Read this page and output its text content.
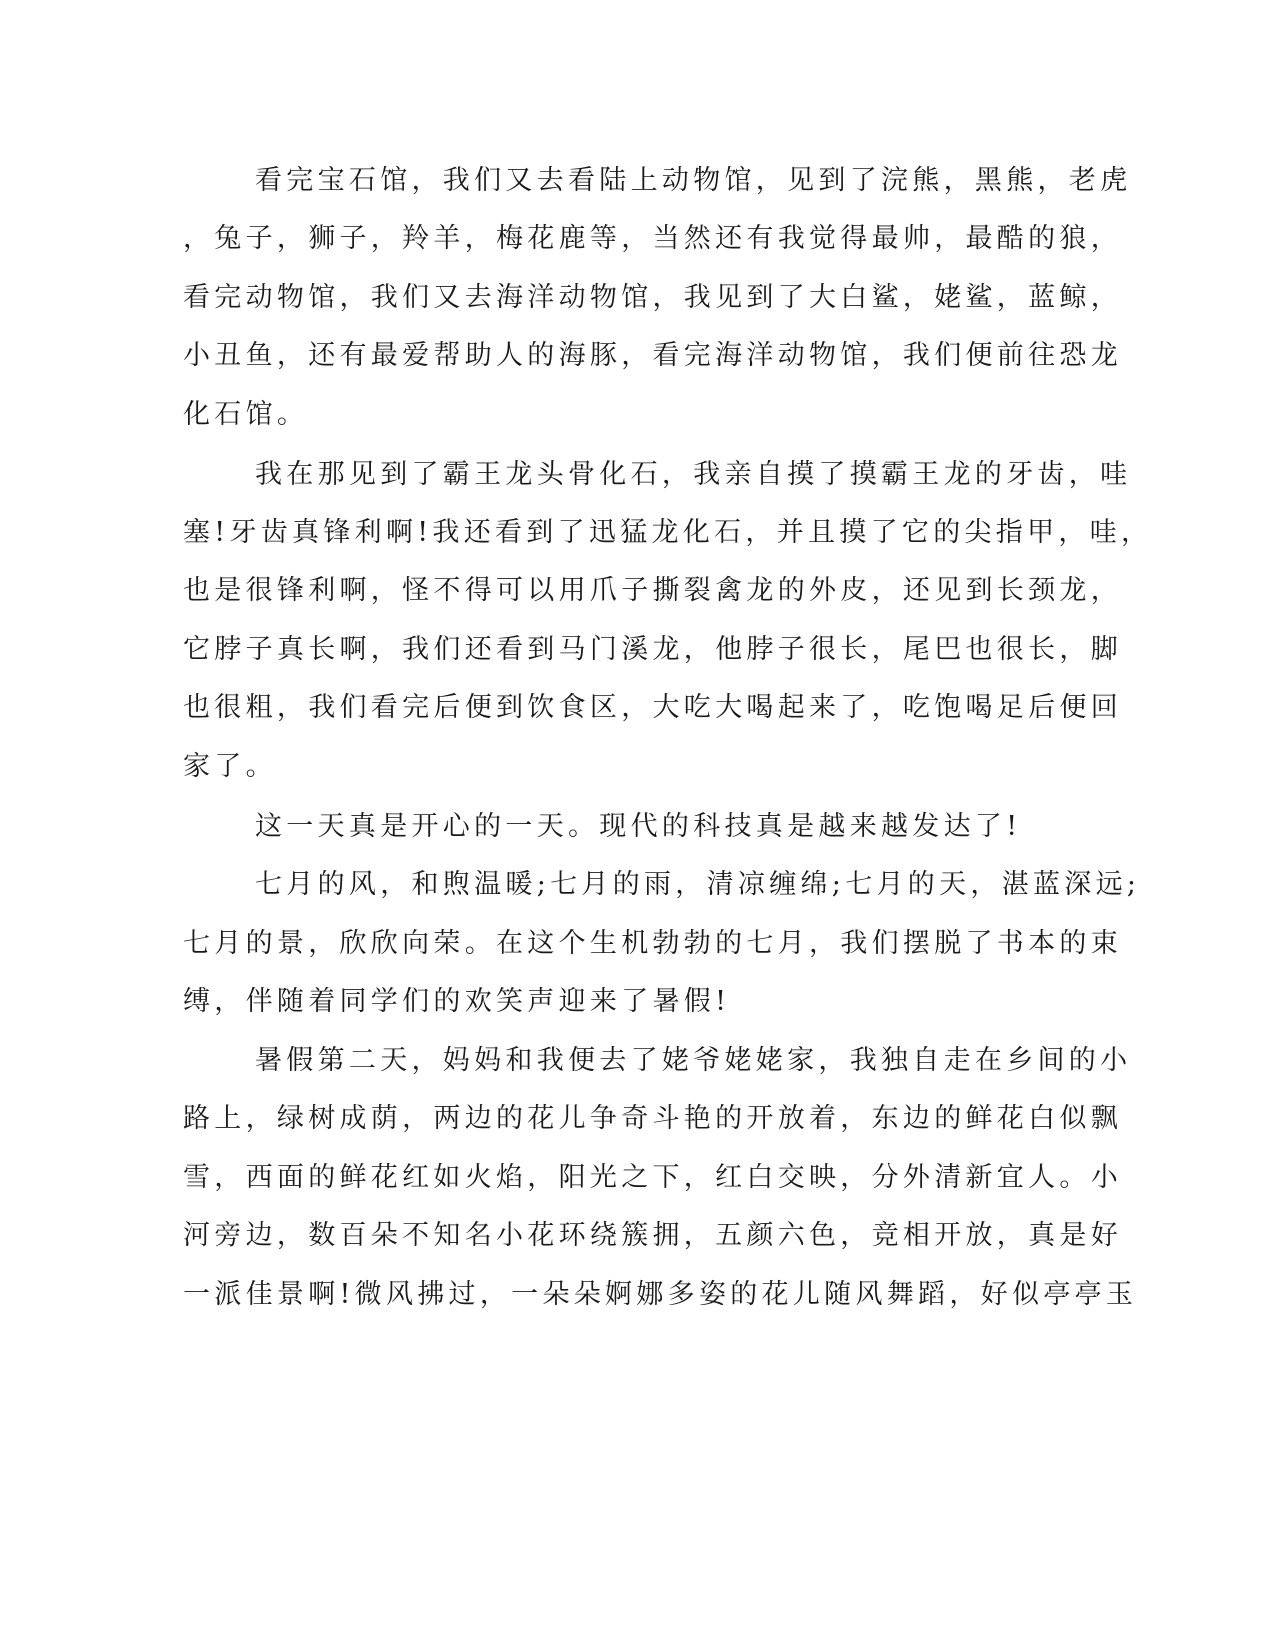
看完宝石馆，我们又去看陆上动物馆，见到了浣熊，黑熊，老虎
，兔子，狮子，羚羊，梅花鹿等，当然还有我觉得最帅，最酷的狼，
看完动物馆，我们又去海洋动物馆，我见到了大白鲨，姥鲨，蓝鲸，
小丑鱼，还有最爱帮助人的海豚，看完海洋动物馆，我们便前往恐龙
化石馆。
我在那见到了霸王龙头骨化石，我亲自摸了摸霸王龙的牙齿，哇
塞!牙齿真锋利啊!我还看到了迅猛龙化石，并且摸了它的尖指甲，哇，
也是很锋利啊，怪不得可以用爪子撕裂禽龙的外皮，还见到长颈龙，
它脖子真长啊，我们还看到马门溪龙，他脖子很长，尾巴也很长，脚
也很粗，我们看完后便到饮食区，大吃大喝起来了，吃饱喝足后便回
家了。
这一天真是开心的一天。现代的科技真是越来越发达了!
七月的风，和煦温暖;七月的雨，清凉缠绵;七月的天，湛蓝深远;
七月的景，欣欣向荣。在这个生机勃勃的七月，我们摆脱了书本的束
缚，伴随着同学们的欢笑声迎来了暑假!
暑假第二天，妈妈和我便去了姥爷姥姥家，我独自走在乡间的小
路上，绿树成荫，两边的花儿争奇斗艳的开放着，东边的鲜花白似飘
雪，西面的鲜花红如火焰，阳光之下，红白交映，分外清新宜人。小
河旁边，数百朵不知名小花环绕簇拥，五颜六色，竞相开放，真是好
一派佳景啊!微风拂过，一朵朵婀娜多姿的花儿随风舞蹈，好似亭亭玉
